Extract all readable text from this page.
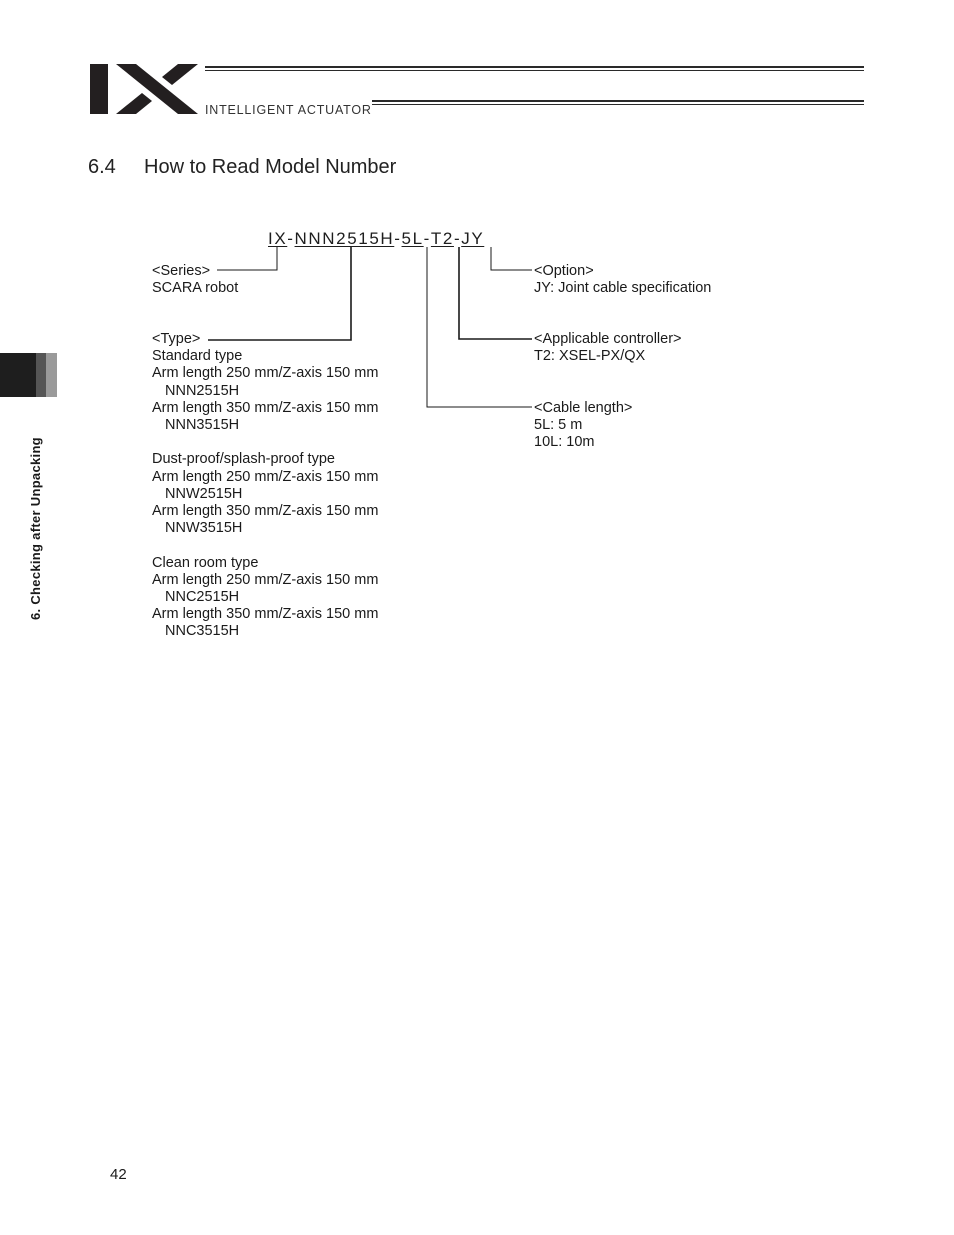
INTELLIGENT ACTUATOR
6.4 How to Read Model Number
IX-NNN2515H-5L-T2-JY
<Series>
SCARA robot
<Type>
Standard type
Arm length 250 mm/Z-axis 150 mm
NNN2515H
Arm length 350 mm/Z-axis 150 mm
NNN3515H
Dust-proof/splash-proof type
Arm length 250 mm/Z-axis 150 mm
NNW2515H
Arm length 350 mm/Z-axis 150 mm
NNW3515H
Clean room type
Arm length 250 mm/Z-axis 150 mm
NNC2515H
Arm length 350 mm/Z-axis 150 mm
NNC3515H
<Option>
JY: Joint cable specification
<Applicable controller>
T2: XSEL-PX/QX
<Cable length>
5L: 5 m
10L: 10m
6. Checking after Unpacking
42
